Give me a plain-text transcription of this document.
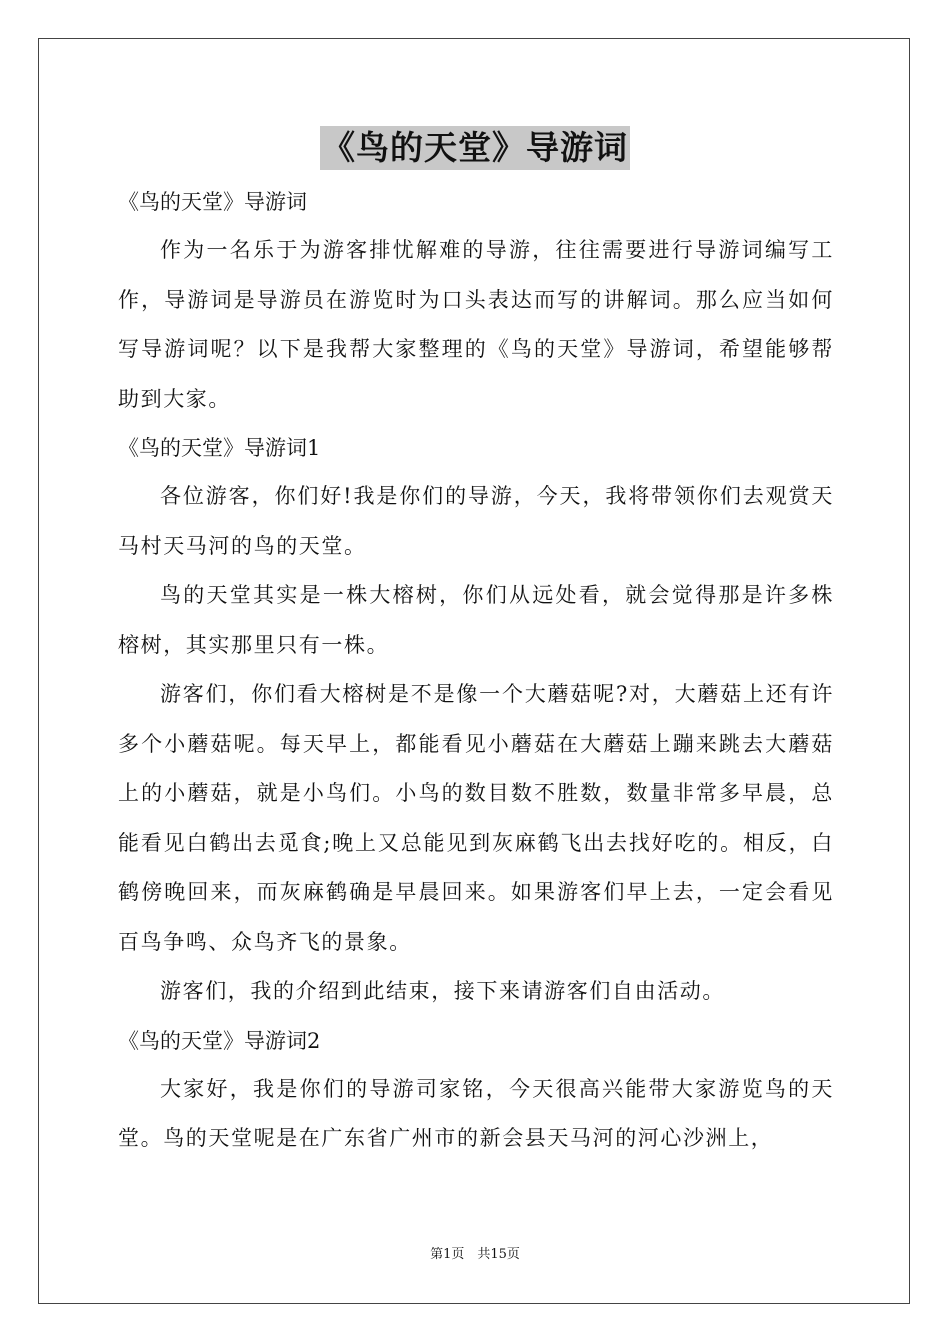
《鸟的天堂》导游词

《鸟的天堂》导游词

作为一名乐于为游客排忧解难的导游，往往需要进行导游词编写工作，导游词是导游员在游览时为口头表达而写的讲解词。那么应当如何写导游词呢？以下是我帮大家整理的《鸟的天堂》导游词，希望能够帮助到大家。

《鸟的天堂》导游词1

各位游客，你们好!我是你们的导游，今天，我将带领你们去观赏天马村天马河的鸟的天堂。

鸟的天堂其实是一株大榕树，你们从远处看，就会觉得那是许多株榕树，其实那里只有一株。

游客们，你们看大榕树是不是像一个大蘑菇呢?对，大蘑菇上还有许多个小蘑菇呢。每天早上，都能看见小蘑菇在大蘑菇上蹦来跳去大蘑菇上的小蘑菇，就是小鸟们。小鸟的数目数不胜数，数量非常多早晨，总能看见白鹤出去觅食;晚上又总能见到灰麻鹤飞出去找好吃的。相反，白鹤傍晚回来，而灰麻鹤确是早晨回来。如果游客们早上去，一定会看见百鸟争鸣、众鸟齐飞的景象。

游客们，我的介绍到此结束，接下来请游客们自由活动。

《鸟的天堂》导游词2

大家好，我是你们的导游司家铭，今天很高兴能带大家游览鸟的天堂。鸟的天堂呢是在广东省广州市的新会县天马河的河心沙洲上，

第1页　共15页
